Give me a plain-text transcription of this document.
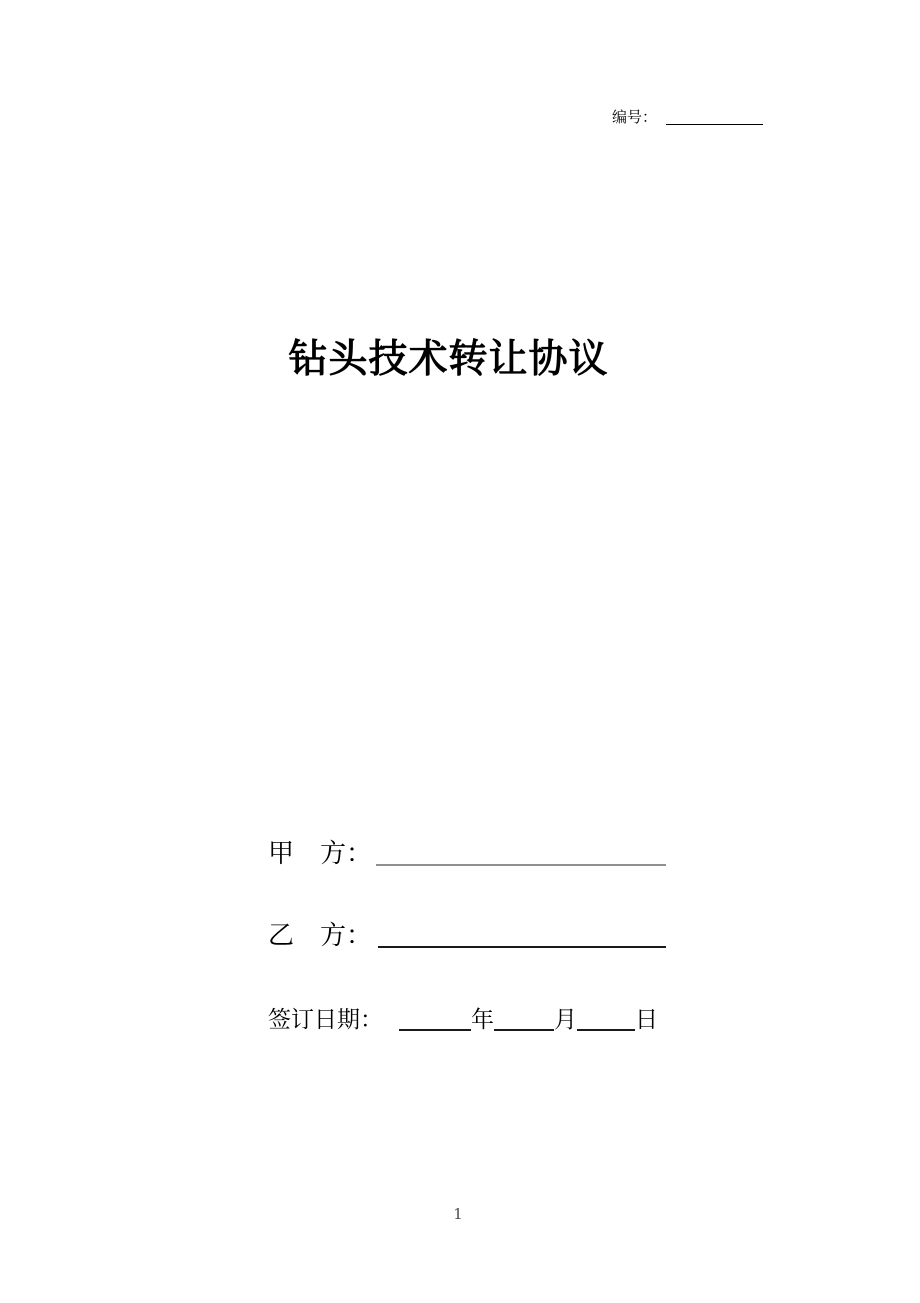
编号：
钻头技术转让协议
甲　方：
乙　方：
签订日期：	年	月	日
1
